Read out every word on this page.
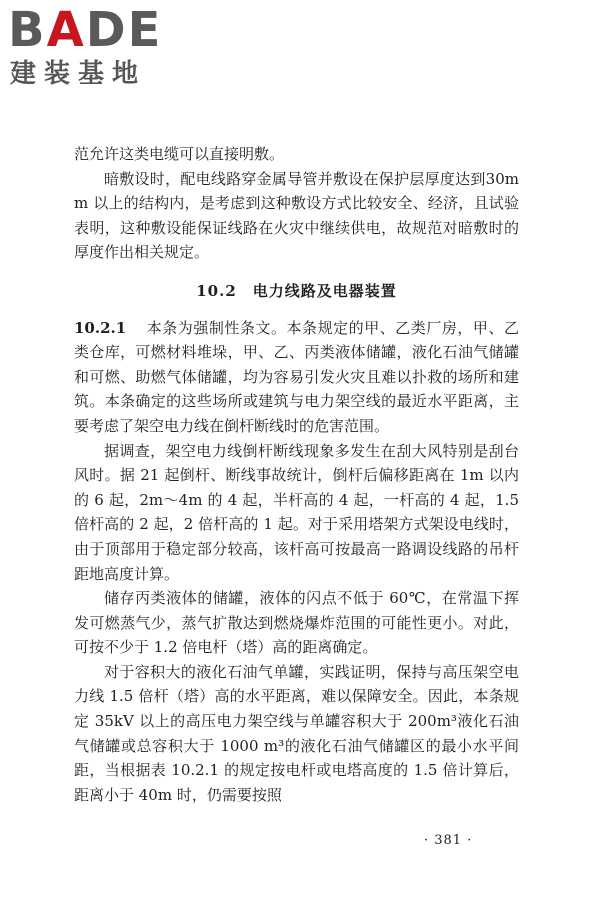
BADE
建装基地

范允许这类电缆可以直接明敷。

暗敷设时，配电线路穿金属导管并敷设在保护层厚度达到30mm 以上的结构内，是考虑到这种敷设方式比较安全、经济，且试验表明，这种敷设能保证线路在火灾中继续供电，故规范对暗敷时的厚度作出相关规定。

10.2　电力线路及电器装置

10.2.1 本条为强制性条文。本条规定的甲、乙类厂房，甲、乙类仓库，可燃材料堆垛，甲、乙、丙类液体储罐，液化石油气储罐和可燃、助燃气体储罐，均为容易引发火灾且难以扑救的场所和建筑。本条确定的这些场所或建筑与电力架空线的最近水平距离，主要考虑了架空电力线在倒杆断线时的危害范围。

据调查，架空电力线倒杆断线现象多发生在刮大风特别是刮台风时。据 21 起倒杆、断线事故统计，倒杆后偏移距离在 1m 以内的 6 起，2m～4m 的 4 起，半杆高的 4 起，一杆高的 4 起，1.5 倍杆高的 2 起，2 倍杆高的 1 起。对于采用塔架方式架设电线时，由于顶部用于稳定部分较高，该杆高可按最高一路调设线路的吊杆距地高度计算。

储存丙类液体的储罐，液体的闪点不低于 60℃，在常温下挥发可燃蒸气少，蒸气扩散达到燃烧爆炸范围的可能性更小。对此，可按不少于 1.2 倍电杆（塔）高的距离确定。

对于容积大的液化石油气单罐，实践证明，保持与高压架空电力线 1.5 倍杆（塔）高的水平距离，难以保障安全。因此，本条规定 35kV 以上的高压电力架空线与单罐容积大于 200m³液化石油气储罐或总容积大于 1000 m³的液化石油气储罐区的最小水平间距，当根据表 10.2.1 的规定按电杆或电塔高度的 1.5 倍计算后，距离小于 40m 时，仍需要按照

· 381 ·
